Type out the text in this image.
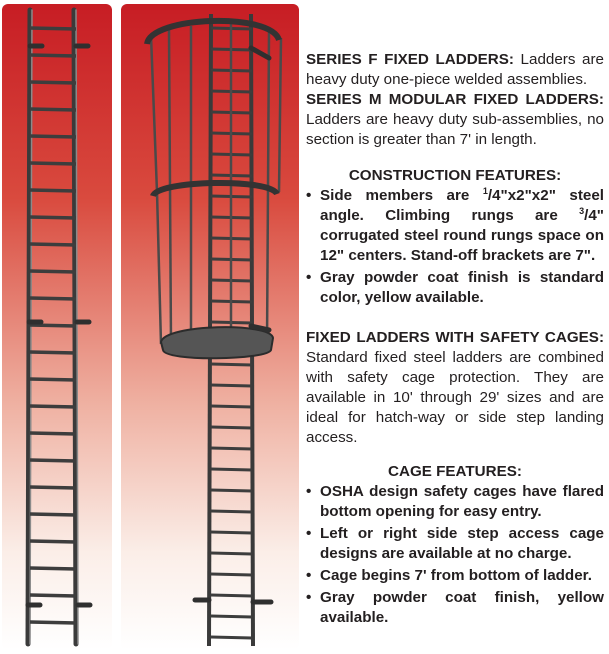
SERIES F FIXED LADDERS: Ladders are heavy duty one-piece welded assemblies.

SERIES M MODULAR FIXED LADDERS: Ladders are heavy duty sub-assemblies, no section is greater than 7' in length.

CONSTRUCTION FEATURES:

• Side members are $^1$/4"x2"x2" steel angle. Climbing rungs are $^3$/4" corrugated steel round rungs space on 12" centers. Stand-off brackets are 7".
• Gray powder coat finish is standard color, yellow available.

FIXED LADDERS WITH SAFETY CAGES: Standard fixed steel ladders are combined with safety cage protection. They are available in 10' through 29' sizes and are ideal for hatch-way or side step landing access.

CAGE FEATURES:

• OSHA design safety cages have flared bottom opening for easy entry.
• Left or right side step access cage designs are available at no charge.
• Cage begins 7' from bottom of ladder.
• Gray powder coat finish, yellow available.
